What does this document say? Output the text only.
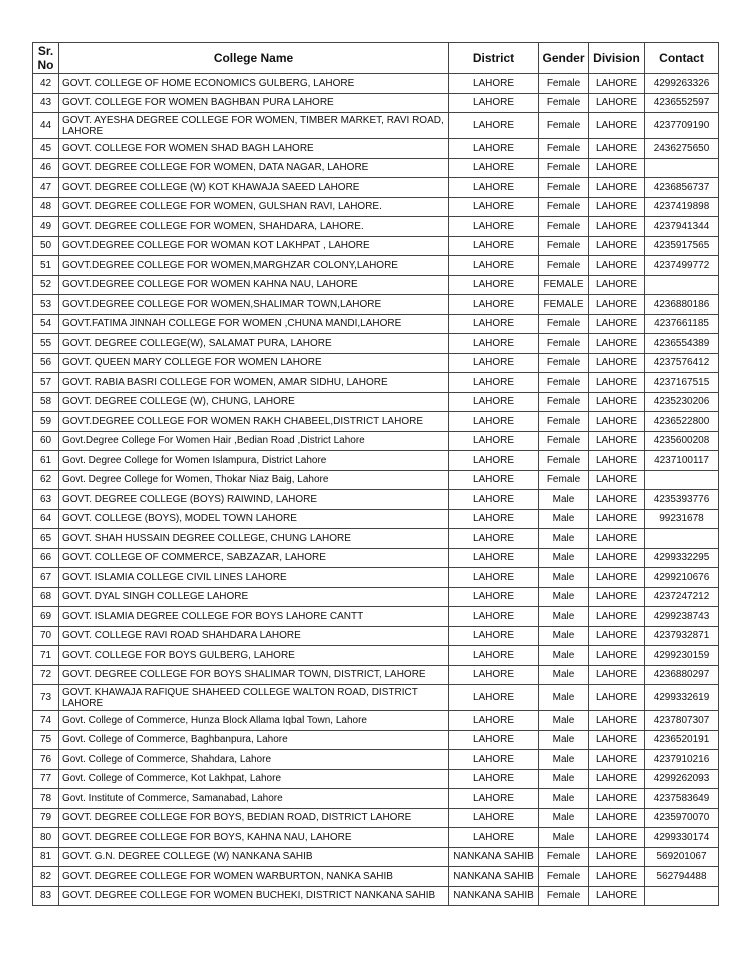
Sr. No	College Name	District	Gender	Division	Contact
42	GOVT. COLLEGE OF HOME ECONOMICS GULBERG, LAHORE	LAHORE	Female	LAHORE	4299263326
43	GOVT. COLLEGE FOR WOMEN BAGHBAN PURA LAHORE	LAHORE	Female	LAHORE	4236552597
44	GOVT. AYESHA DEGREE COLLEGE FOR WOMEN, TIMBER MARKET, RAVI ROAD, LAHORE	LAHORE	Female	LAHORE	4237709190
45	GOVT. COLLEGE FOR WOMEN SHAD BAGH LAHORE	LAHORE	Female	LAHORE	2436275650
46	GOVT. DEGREE COLLEGE FOR WOMEN, DATA NAGAR, LAHORE	LAHORE	Female	LAHORE	
47	GOVT. DEGREE COLLEGE (W) KOT KHAWAJA SAEED LAHORE	LAHORE	Female	LAHORE	4236856737
48	GOVT. DEGREE COLLEGE FOR WOMEN, GULSHAN RAVI, LAHORE.	LAHORE	Female	LAHORE	4237419898
49	GOVT. DEGREE COLLEGE FOR WOMEN, SHAHDARA, LAHORE.	LAHORE	Female	LAHORE	4237941344
50	GOVT.DEGREE COLLEGE FOR WOMAN KOT LAKHPAT , LAHORE	LAHORE	Female	LAHORE	4235917565
51	GOVT.DEGREE COLLEGE FOR WOMEN,MARGHZAR COLONY,LAHORE	LAHORE	Female	LAHORE	4237499772
52	GOVT.DEGREE COLLEGE FOR WOMEN KAHNA NAU, LAHORE	LAHORE	FEMALE	LAHORE	
53	GOVT.DEGREE COLLEGE FOR WOMEN,SHALIMAR TOWN,LAHORE	LAHORE	FEMALE	LAHORE	4236880186
54	GOVT.FATIMA JINNAH COLLEGE FOR WOMEN ,CHUNA MANDI,LAHORE	LAHORE	Female	LAHORE	4237661185
55	GOVT. DEGREE COLLEGE(W), SALAMAT PURA, LAHORE	LAHORE	Female	LAHORE	4236554389
56	GOVT. QUEEN MARY COLLEGE FOR WOMEN LAHORE	LAHORE	Female	LAHORE	4237576412
57	GOVT. RABIA BASRI COLLEGE FOR WOMEN, AMAR SIDHU, LAHORE	LAHORE	Female	LAHORE	4237167515
58	GOVT. DEGREE COLLEGE (W), CHUNG, LAHORE	LAHORE	Female	LAHORE	4235230206
59	GOVT.DEGREE COLLEGE FOR WOMEN RAKH CHABEEL,DISTRICT LAHORE	LAHORE	Female	LAHORE	4236522800
60	Govt.Degree College For Women Hair ,Bedian Road ,District Lahore	LAHORE	Female	LAHORE	4235600208
61	Govt. Degree College for Women Islampura, District Lahore	LAHORE	Female	LAHORE	4237100117
62	Govt. Degree College for Women, Thokar Niaz Baig, Lahore	LAHORE	Female	LAHORE	
63	GOVT. DEGREE COLLEGE (BOYS) RAIWIND, LAHORE	LAHORE	Male	LAHORE	4235393776
64	GOVT. COLLEGE (BOYS), MODEL TOWN LAHORE	LAHORE	Male	LAHORE	99231678
65	GOVT. SHAH HUSSAIN DEGREE COLLEGE, CHUNG LAHORE	LAHORE	Male	LAHORE	
66	GOVT. COLLEGE OF COMMERCE, SABZAZAR, LAHORE	LAHORE	Male	LAHORE	4299332295
67	GOVT. ISLAMIA COLLEGE CIVIL LINES LAHORE	LAHORE	Male	LAHORE	4299210676
68	GOVT. DYAL SINGH COLLEGE LAHORE	LAHORE	Male	LAHORE	4237247212
69	GOVT. ISLAMIA DEGREE COLLEGE FOR BOYS LAHORE CANTT	LAHORE	Male	LAHORE	4299238743
70	GOVT. COLLEGE RAVI ROAD SHAHDARA LAHORE	LAHORE	Male	LAHORE	4237932871
71	GOVT. COLLEGE FOR BOYS GULBERG, LAHORE	LAHORE	Male	LAHORE	4299230159
72	GOVT. DEGREE COLLEGE FOR BOYS SHALIMAR TOWN, DISTRICT, LAHORE	LAHORE	Male	LAHORE	4236880297
73	GOVT. KHAWAJA RAFIQUE SHAHEED COLLEGE WALTON ROAD, DISTRICT LAHORE	LAHORE	Male	LAHORE	4299332619
74	Govt. College of Commerce, Hunza Block Allama Iqbal Town, Lahore	LAHORE	Male	LAHORE	4237807307
75	Govt. College of Commerce, Baghbanpura, Lahore	LAHORE	Male	LAHORE	4236520191
76	Govt. College of Commerce, Shahdara, Lahore	LAHORE	Male	LAHORE	4237910216
77	Govt. College of Commerce, Kot Lakhpat, Lahore	LAHORE	Male	LAHORE	4299262093
78	Govt. Institute of Commerce, Samanabad, Lahore	LAHORE	Male	LAHORE	4237583649
79	GOVT. DEGREE COLLEGE FOR BOYS, BEDIAN ROAD, DISTRICT LAHORE	LAHORE	Male	LAHORE	4235970070
80	GOVT. DEGREE COLLEGE FOR BOYS, KAHNA NAU, LAHORE	LAHORE	Male	LAHORE	4299330174
81	GOVT. G.N. DEGREE COLLEGE (W) NANKANA SAHIB	NANKANA SAHIB	Female	LAHORE	569201067
82	GOVT. DEGREE COLLEGE FOR WOMEN WARBURTON, NANKA SAHIB	NANKANA SAHIB	Female	LAHORE	562794488
83	GOVT. DEGREE COLLEGE FOR WOMEN BUCHEKI, DISTRICT NANKANA SAHIB	NANKANA SAHIB	Female	LAHORE	
